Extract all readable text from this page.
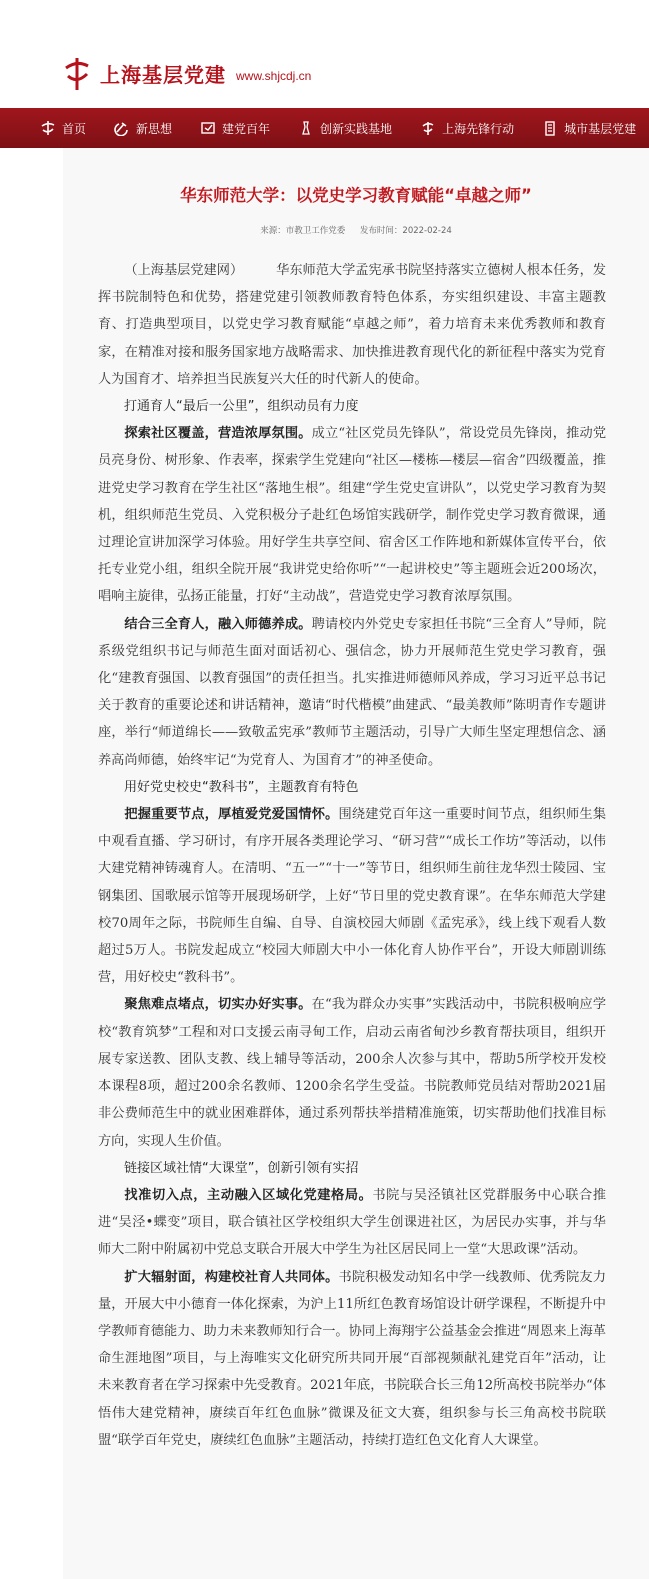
上海基层党建 www.shjcdj.cn
首页	新思想	建党百年	创新实践基地	上海先锋行动	城市基层党建
华东师范大学：以党史学习教育赋能“卓越之师”
来源：市教卫工作党委 发布时间：2022-02-24

（上海基层党建网）　　　华东师范大学孟宪承书院坚持落实立德树人根本任务，发挥书院制特色和优势，搭建党建引领教师教育特色体系，夯实组织建设、丰富主题教育、打造典型项目，以党史学习教育赋能“卓越之师”，着力培育未来优秀教师和教育家，在精准对接和服务国家地方战略需求、加快推进教育现代化的新征程中落实为党育人为国育才、培养担当民族复兴大任的时代新人的使命。

打通育人“最后一公里”，组织动员有力度

探索社区覆盖，营造浓厚氛围。成立“社区党员先锋队”，常设党员先锋岗，推动党员亮身份、树形象、作表率，探索学生党建向“社区—楼栋—楼层—宿舍”四级覆盖，推进党史学习教育在学生社区“落地生根”。组建“学生党史宣讲队”，以党史学习教育为契机，组织师范生党员、入党积极分子赴红色场馆实践研学，制作党史学习教育微课，通过理论宣讲加深学习体验。用好学生共享空间、宿舍区工作阵地和新媒体宣传平台，依托专业党小组，组织全院开展“我讲党史给你听”“一起讲校史”等主题班会近200场次，唱响主旋律，弘扬正能量，打好“主动战”，营造党史学习教育浓厚氛围。

结合三全育人，融入师德养成。聘请校内外党史专家担任书院“三全育人”导师，院系级党组织书记与师范生面对面话初心、强信念，协力开展师范生党史学习教育，强化“建教育强国、以教育强国”的责任担当。扎实推进师德师风养成，学习习近平总书记关于教育的重要论述和讲话精神，邀请“时代楷模”曲建武、“最美教师”陈明青作专题讲座，举行“师道绵长——致敬孟宪承”教师节主题活动，引导广大师生坚定理想信念、涵养高尚师德，始终牢记“为党育人、为国育才”的神圣使命。

用好党史校史“教科书”，主题教育有特色

把握重要节点，厚植爱党爱国情怀。围绕建党百年这一重要时间节点，组织师生集中观看直播、学习研讨，有序开展各类理论学习、“研习营”“成长工作坊”等活动，以伟大建党精神铸魂育人。在清明、“五一”“十一”等节日，组织师生前往龙华烈士陵园、宝钢集团、国歌展示馆等开展现场研学，上好“节日里的党史教育课”。在华东师范大学建校70周年之际，书院师生自编、自导、自演校园大师剧《孟宪承》，线上线下观看人数超过5万人。书院发起成立“校园大师剧大中小一体化育人协作平台”，开设大师剧训练营，用好校史“教科书”。

聚焦难点堵点，切实办好实事。在“我为群众办实事”实践活动中，书院积极响应学校“教育筑梦”工程和对口支援云南寻甸工作，启动云南省甸沙乡教育帮扶项目，组织开展专家送教、团队支教、线上辅导等活动，200余人次参与其中，帮助5所学校开发校本课程8项，超过200余名教师、1200余名学生受益。书院教师党员结对帮助2021届非公费师范生中的就业困难群体，通过系列帮扶举措精准施策，切实帮助他们找准目标方向，实现人生价值。

链接区域社情“大课堂”，创新引领有实招

找准切入点，主动融入区域化党建格局。书院与吴泾镇社区党群服务中心联合推进“吴泾•蝶变”项目，联合镇社区学校组织大学生创课进社区，为居民办实事，并与华师大二附中附属初中党总支联合开展大中学生为社区居民同上一堂“大思政课”活动。

扩大辐射面，构建校社育人共同体。书院积极发动知名中学一线教师、优秀院友力量，开展大中小德育一体化探索，为沪上11所红色教育场馆设计研学课程，不断提升中学教师育德能力、助力未来教师知行合一。协同上海翔宇公益基金会推进“周恩来上海革命生涯地图”项目，与上海唯实文化研究所共同开展“百部视频献礼建党百年”活动，让未来教育者在学习探索中先受教育。2021年底，书院联合长三角12所高校书院举办“体悟伟大建党精神，赓续百年红色血脉”微课及征文大赛，组织参与长三角高校书院联盟“联学百年党史，赓续红色血脉”主题活动，持续打造红色文化育人大课堂。
